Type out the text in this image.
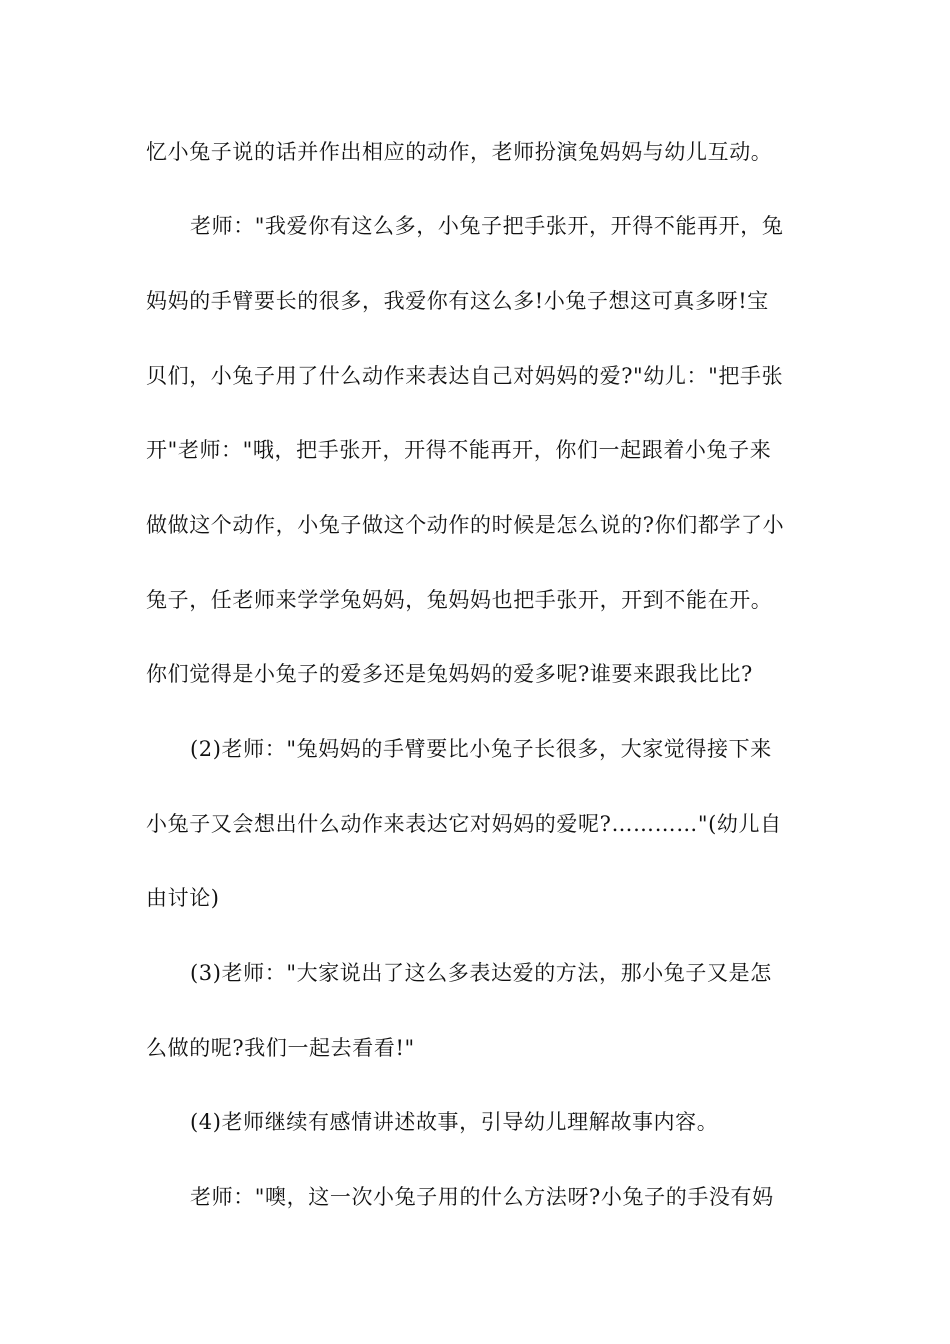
忆小兔子说的话并作出相应的动作，老师扮演兔妈妈与幼儿互动。
老师："我爱你有这么多，小兔子把手张开，开得不能再开，兔
妈妈的手臂要长的很多，我爱你有这么多!小兔子想这可真多呀!宝
贝们，小兔子用了什么动作来表达自己对妈妈的爱?"幼儿："把手张
开"老师："哦，把手张开，开得不能再开，你们一起跟着小兔子来
做做这个动作，小兔子做这个动作的时候是怎么说的?你们都学了小
兔子，任老师来学学兔妈妈，兔妈妈也把手张开，开到不能在开。
你们觉得是小兔子的爱多还是兔妈妈的爱多呢?谁要来跟我比比?
(2)老师："兔妈妈的手臂要比小兔子长很多，大家觉得接下来
小兔子又会想出什么动作来表达它对妈妈的爱呢?…………"(幼儿自
由讨论)
(3)老师："大家说出了这么多表达爱的方法，那小兔子又是怎
么做的呢?我们一起去看看!"
(4)老师继续有感情讲述故事，引导幼儿理解故事内容。
老师："噢，这一次小兔子用的什么方法呀?小兔子的手没有妈
